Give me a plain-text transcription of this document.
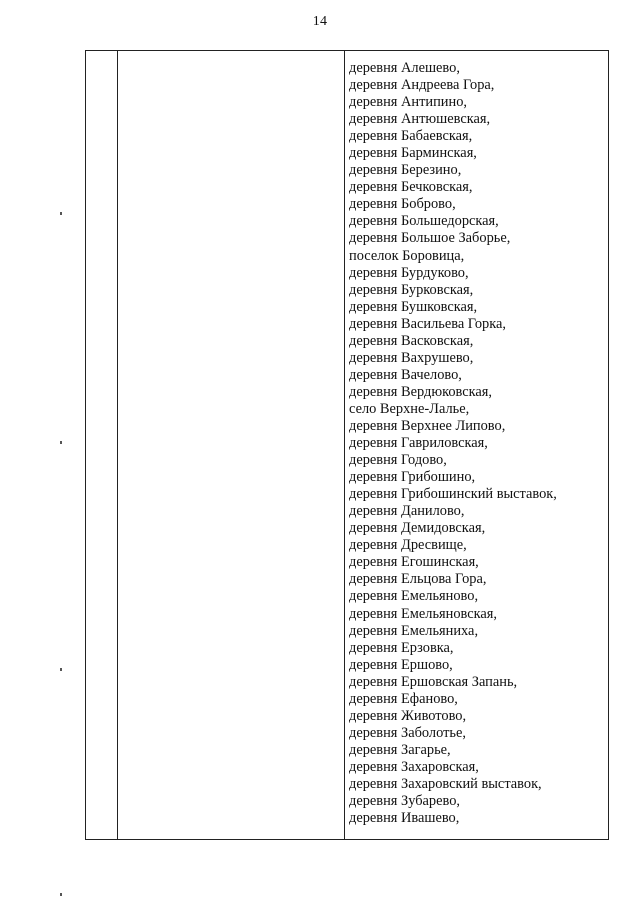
14

деревня Алешево,
деревня Андреева Гора,
деревня Антипино,
деревня Антюшевская,
деревня Бабаевская,
деревня Барминская,
деревня Березино,
деревня Бечковская,
деревня Боброво,
деревня Большедорская,
деревня Большое Заборье,
поселок Боровица,
деревня Бурдуково,
деревня Бурковская,
деревня Бушковская,
деревня Васильева Горка,
деревня Васковская,
деревня Вахрушево,
деревня Вачелово,
деревня Вердюковская,
село Верхне-Лалье,
деревня Верхнее Липово,
деревня Гавриловская,
деревня Годово,
деревня Грибошино,
деревня Грибошинский выставок,
деревня Данилово,
деревня Демидовская,
деревня Дресвище,
деревня Егошинская,
деревня Ельцова Гора,
деревня Емельяново,
деревня Емельяновская,
деревня Емельяниха,
деревня Ерзовка,
деревня Ершово,
деревня Ершовская Запань,
деревня Ефаново,
деревня Животово,
деревня Заболотье,
деревня Загарье,
деревня Захаровская,
деревня Захаровский выставок,
деревня Зубарево,
деревня Ивашево,
